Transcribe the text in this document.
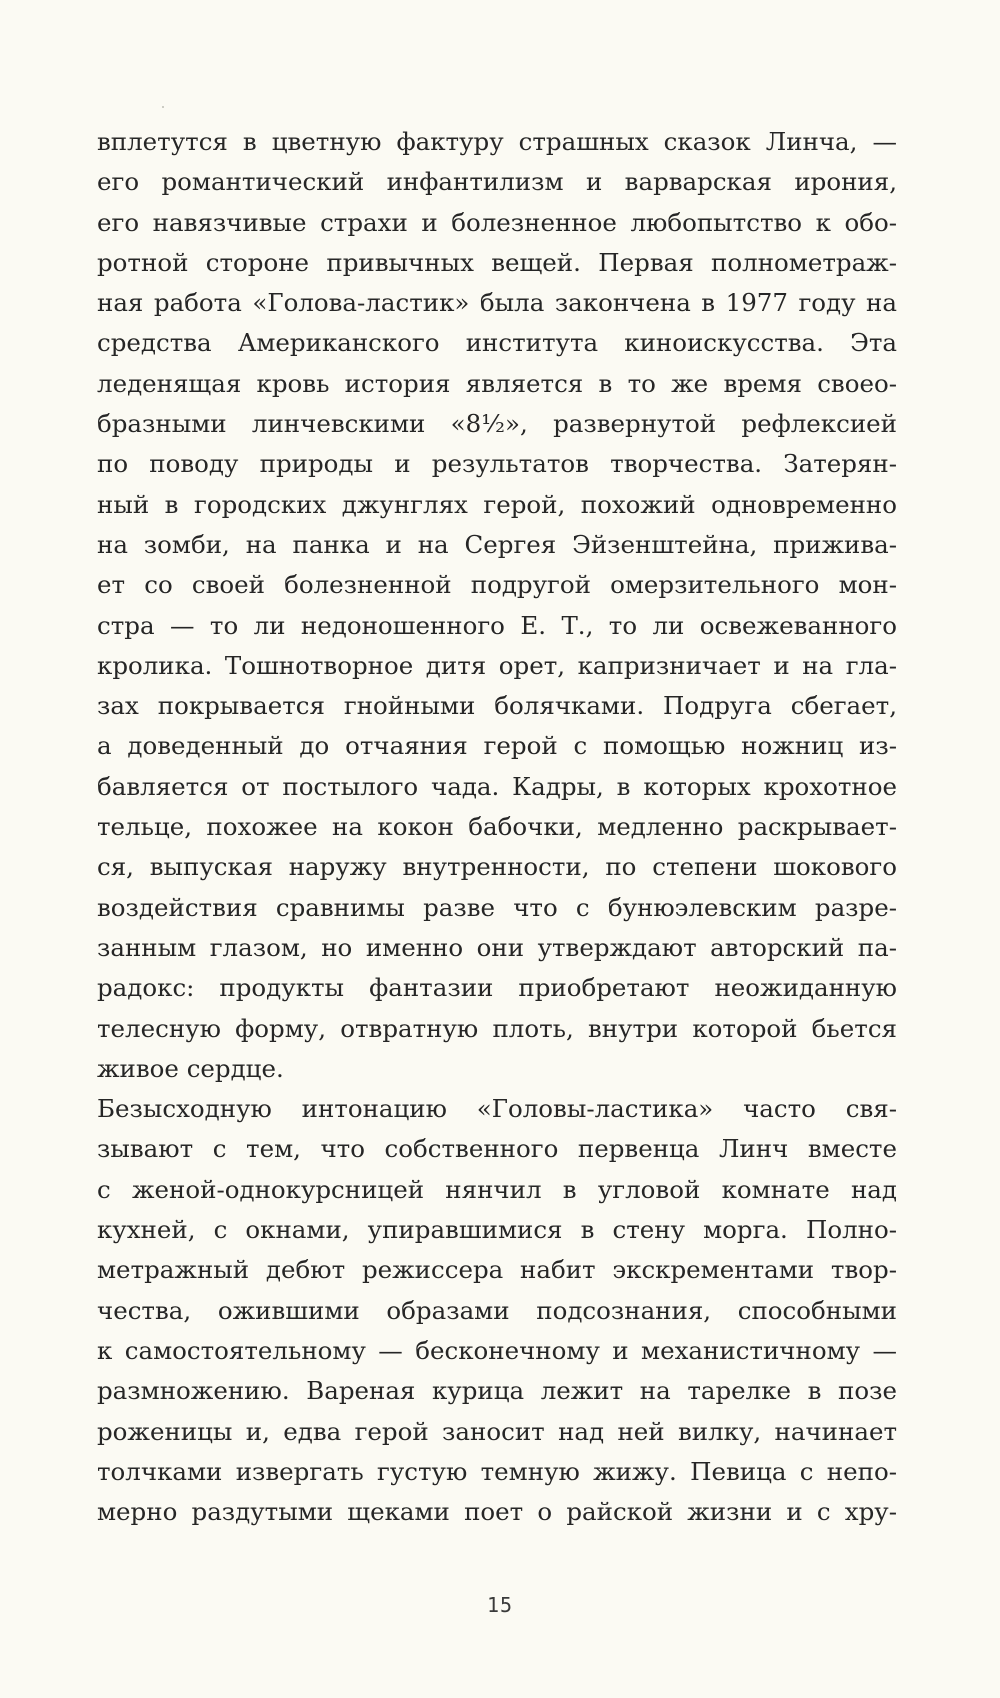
вплетутся в цветную фактуру страшных сказок Линча, —
его романтический инфантилизм и варварская ирония,
его навязчивые страхи и болезненное любопытство к обо-
ротной стороне привычных вещей. Первая полнометраж-
ная работа «Голова-ластик» была закончена в 1977 году на
средства Американского института киноискусства. Эта
леденящая кровь история является в то же время своео-
бразными линчевскими «8½», развернутой рефлексией
по поводу природы и результатов творчества. Затерян-
ный в городских джунглях герой, похожий одновременно
на зомби, на панка и на Сергея Эйзенштейна, прижива-
ет со своей болезненной подругой омерзительного мон-
стра — то ли недоношенного Е. Т., то ли освежеванного
кролика. Тошнотворное дитя орет, капризничает и на гла-
зах покрывается гнойными болячками. Подруга сбегает,
а доведенный до отчаяния герой с помощью ножниц из-
бавляется от постылого чада. Кадры, в которых крохотное
тельце, похожее на кокон бабочки, медленно раскрывает-
ся, выпуская наружу внутренности, по степени шокового
воздействия сравнимы разве что с бунюэлевским разре-
занным глазом, но именно они утверждают авторский па-
радокс: продукты фантазии приобретают неожиданную
телесную форму, отвратную плоть, внутри которой бьется
живое сердце.
Безысходную интонацию «Головы-ластика» часто свя-
зывают с тем, что собственного первенца Линч вместе
с женой-однокурсницей нянчил в угловой комнате над
кухней, с окнами, упиравшимися в стену морга. Полно-
метражный дебют режиссера набит экскрементами твор-
чества, ожившими образами подсознания, способными
к самостоятельному — бесконечному и механистичному —
размножению. Вареная курица лежит на тарелке в позе
роженицы и, едва герой заносит над ней вилку, начинает
толчками извергать густую темную жижу. Певица с непо-
мерно раздутыми щеками поет о райской жизни и с хру-
15
